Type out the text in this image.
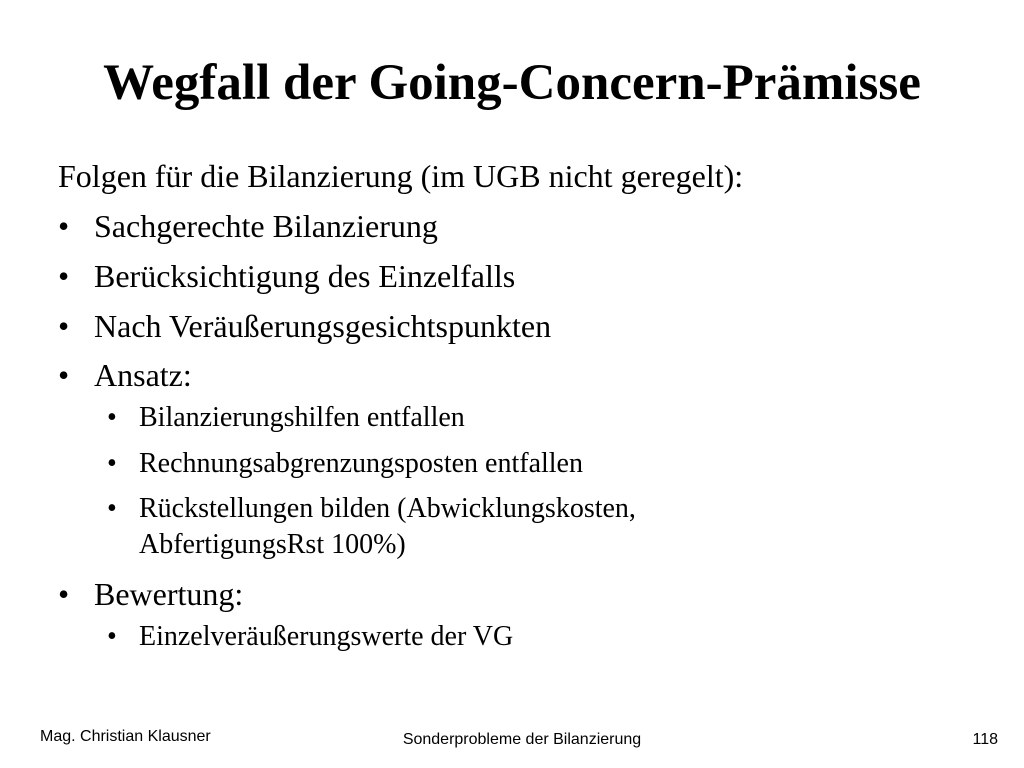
Wegfall der Going-Concern-Prämisse
Folgen für die Bilanzierung (im UGB nicht geregelt):
• Sachgerechte Bilanzierung
• Berücksichtigung des Einzelfalls
• Nach Veräußerungsgesichtspunkten
• Ansatz:
• Bilanzierungshilfen entfallen
• Rechnungsabgrenzungsposten entfallen
• Rückstellungen bilden (Abwicklungskosten,
AbfertigungsRst 100%)
• Bewertung:
• Einzelveräußerungswerte der VG
Mag. Christian Klausner	Sonderprobleme der Bilanzierung	118
